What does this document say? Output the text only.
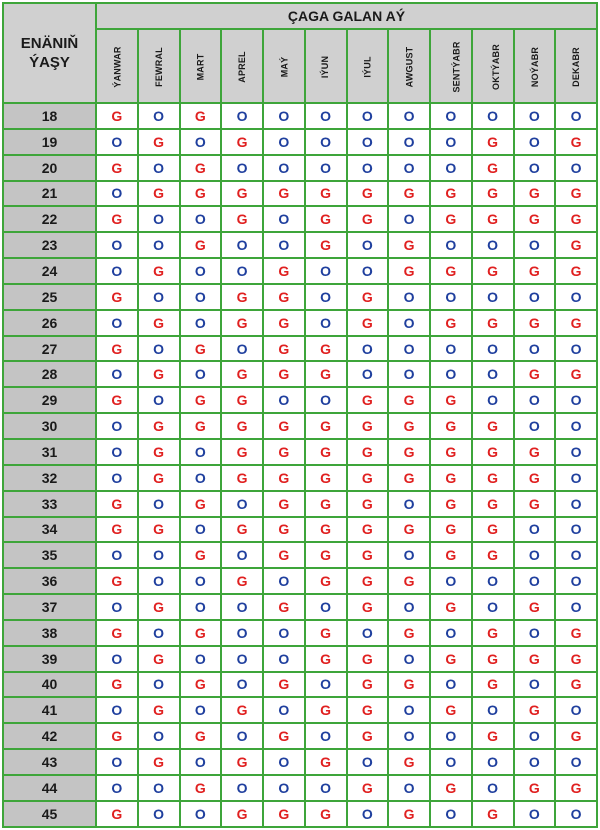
ENÄNIŇ ÝAŞY	ÇAGA GALAN AÝ											
	ÝANWAR	FEWRAL	MART	APREL	MAÝ	IÝUN	IÝUL	AWGUST	SENTÝABR	OKTÝABR	NOÝABR	DEKABR
18	G	O	G	O	O	O	O	O	O	O	O	O
19	O	G	O	G	O	O	O	O	O	G	O	G
20	G	O	G	O	O	O	O	O	O	G	O	O
21	O	G	G	G	G	G	G	G	G	G	G	G
22	G	O	O	G	O	G	G	O	G	G	G	G
23	O	O	G	O	O	G	O	G	O	O	O	G
24	O	G	O	O	G	O	O	G	G	G	G	G
25	G	O	O	G	G	O	G	O	O	O	O	O
26	O	G	O	G	G	O	G	O	G	G	G	G
27	G	O	G	O	G	G	O	O	O	O	O	O
28	O	G	O	G	G	G	O	O	O	O	G	G
29	G	O	G	G	O	O	G	G	G	O	O	O
30	O	G	G	G	G	G	G	G	G	G	O	O
31	O	G	O	G	G	G	G	G	G	G	G	O
32	O	G	O	G	G	G	G	G	G	G	G	O
33	G	O	G	O	G	G	G	O	G	G	G	O
34	G	G	O	G	G	G	G	G	G	G	O	O
35	O	O	G	O	G	G	G	O	G	G	O	O
36	G	O	O	G	O	G	G	G	O	O	O	O
37	O	G	O	O	G	O	G	O	G	O	G	O
38	G	O	G	O	O	G	O	G	O	G	O	G
39	O	G	O	O	O	G	G	O	G	G	G	G
40	G	O	G	O	G	O	G	G	O	G	O	G
41	O	G	O	G	O	G	G	O	G	O	G	O
42	G	O	G	O	G	O	G	O	O	G	O	G
43	O	G	O	G	O	G	O	G	O	O	O	O
44	O	O	G	O	O	O	G	O	G	O	G	G
45	G	O	O	G	G	G	O	G	O	G	O	O
